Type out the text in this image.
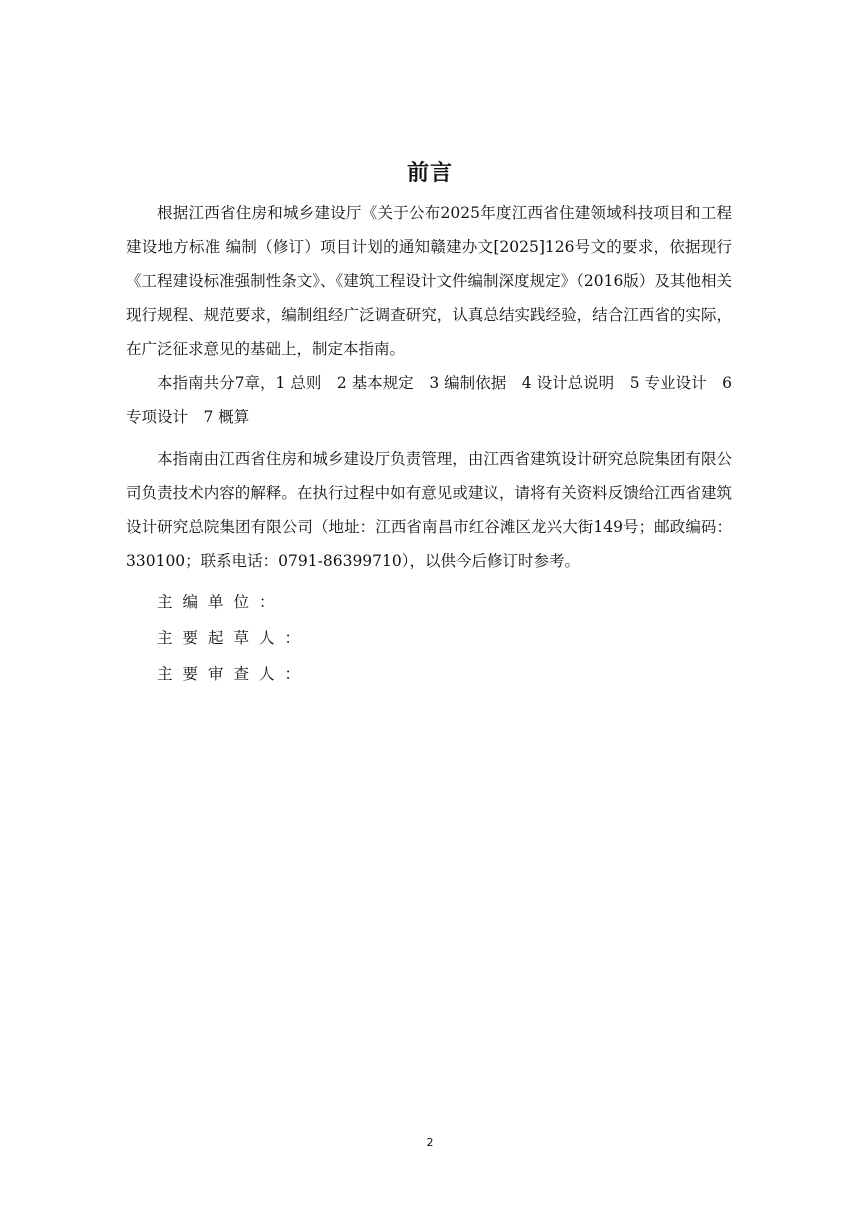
前言

根据江西省住房和城乡建设厅《关于公布2025年度江西省住建领域科技项目和工程建设地方标准 编制（修订）项目计划的通知赣建办文[2025]126号文的要求，依据现行《工程建设标准强制性条文》、《建筑工程设计文件编制深度规定》（2016版）及其他相关现行规程、规范要求，编制组经广泛调查研究，认真总结实践经验，结合江西省的实际，在广泛征求意见的基础上，制定本指南。

本指南共分7章，1 总则　2 基本规定　3 编制依据　4 设计总说明　5 专业设计　6 专项设计　7 概算

本指南由江西省住房和城乡建设厅负责管理，由江西省建筑设计研究总院集团有限公司负责技术内容的解释。在执行过程中如有意见或建议，请将有关资料反馈给江西省建筑设计研究总院集团有限公司（地址：江西省南昌市红谷滩区龙兴大街149号；邮政编码：330100；联系电话：0791-86399710），以供今后修订时参考。

主编单位：

主要起草人：

主要审查人：

2
